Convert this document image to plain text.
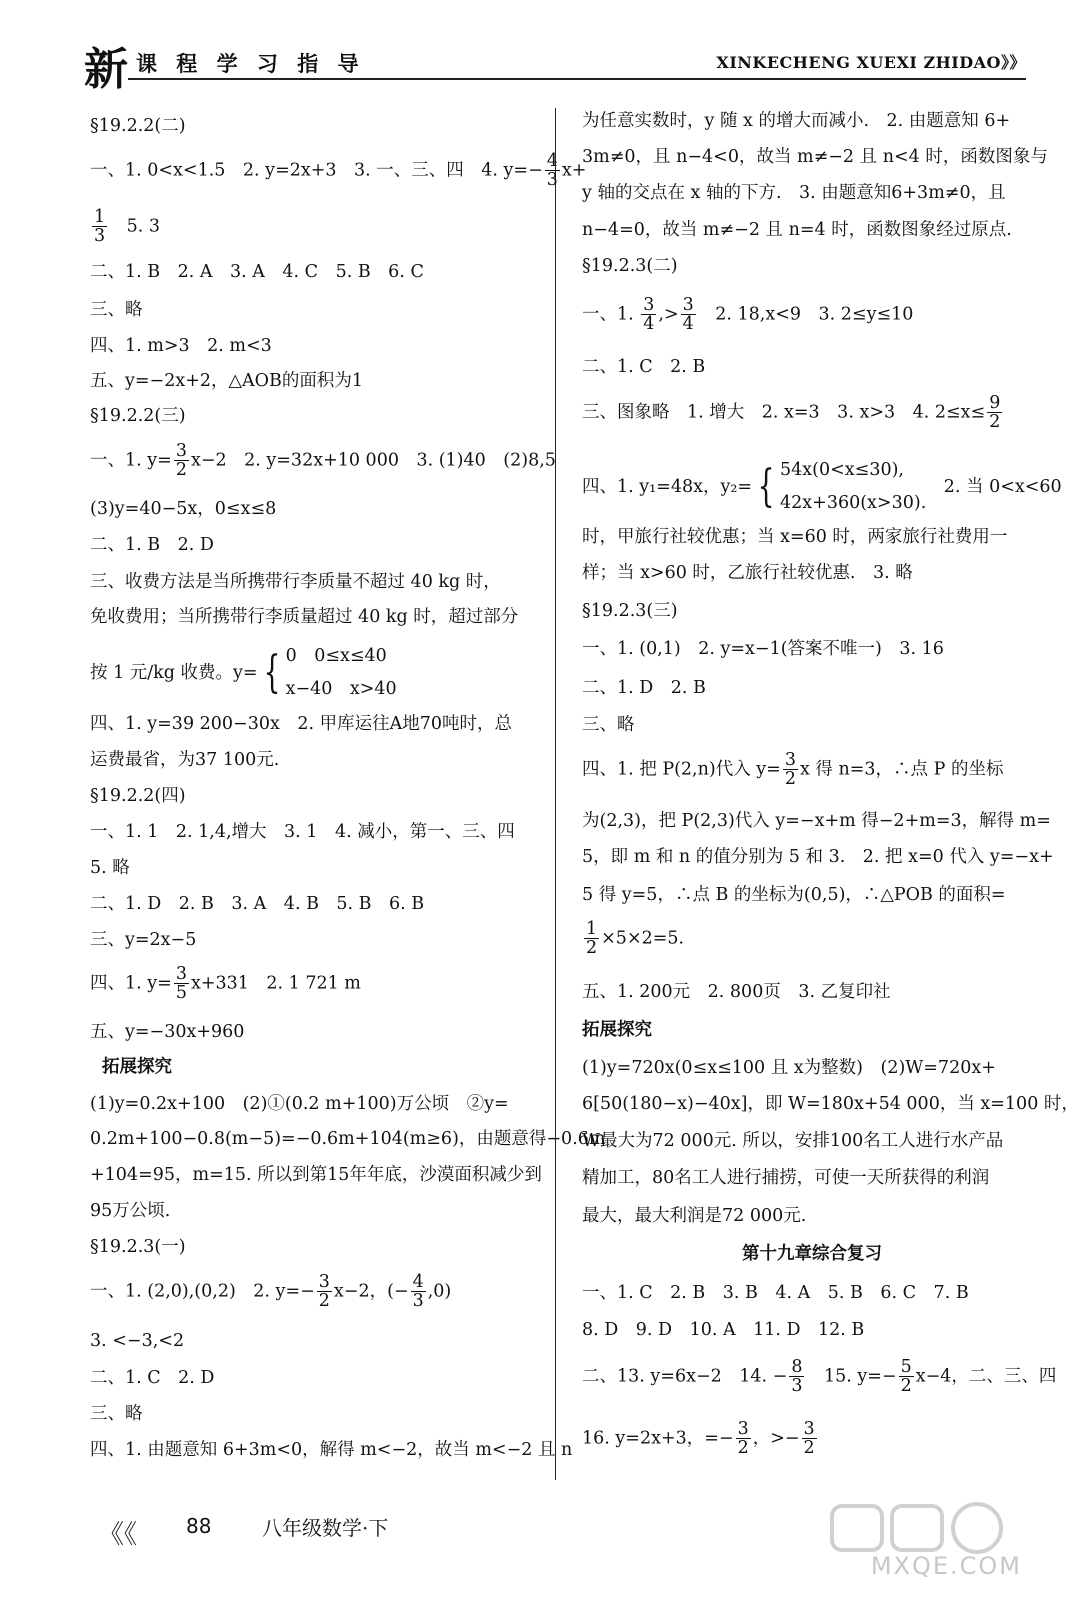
新 课 程 学 习 指 导	XINKECHENG XUEXI ZHIDAO》》
§19.2.2(二)
一、1. 0<x<1.5　2. y=2x+3　3. 一、三、四　4. $y=- \frac{4}{3} x+$
$\frac{1}{3}$ 　5. 3
二、1. B　2. A　3. A　4. C　5. B　6. C
三、略
四、1. m>3　2. m<3
五、y=−2x+2，△AOB的面积为1
§19.2.2(三)
一、1. $y= \frac{3}{2} x-2$　2. y=32x+10 000　3. (1)40　(2)8,5
(3)y=40−5x，0≤x≤8
二、1. B　2. D
三、收费方法是当所携带行李质量不超过 40 kg 时，
免收费用；当所携带行李质量超过 40 kg 时，超过部分
按 1 元/kg 收费。y= { 0　0≤x≤40
x−40　x>40
四、1. y=39 200−30x　2. 甲库运往A地70吨时，总
运费最省，为37 100元.
§19.2.2(四)
一、1. 1　2. 1,4,增大　3. 1　4. 减小，第一、三、四
5. 略
二、1. D　2. B　3. A　4. B　5. B　6. B
三、y=2x−5
四、1. $y= \frac{3}{5} x+331$　2. 1 721 m
五、y=−30x+960
拓展探究
(1)y=0.2x+100　(2)①(0.2 m+100)万公顷　②y=
0.2m+100−0.8(m−5)=−0.6m+104(m≥6)，由题意得−0.6m
+104=95，m=15. 所以到第15年年底，沙漠面积减少到
95万公顷.
§19.2.3(一)
一、1. (2,0),(0,2)　2. $y=- \frac{3}{2} x-2$，(− $\frac{4}{3} ,0$)
3. <−3,<2
二、1. C　2. D
三、略
四、1. 由题意知 6+3m<0，解得 m<−2，故当 m<−2 且 n
为任意实数时，y 随 x 的增大而减小.　2. 由题意知 6+
3m≠0，且 n−4<0，故当 m≠−2 且 n<4 时，函数图象与
y 轴的交点在 x 轴的下方.　3. 由题意知6+3m≠0，且
n−4=0，故当 m≠−2 且 n=4 时，函数图象经过原点.
§19.2.3(二)
一、1. $\frac{3}{4}$ ,> $\frac{3}{4}$ 　2. 18,x<9　3. 2≤y≤10
二、1. C　2. B
三、图象略　1. 增大　2. x=3　3. x>3　4. $2\le x\le \frac{9}{2}$
四、1. y₁=48x，y₂= { 54x(0<x≤30),
42x+360(x>30).
　2. 当 0<x<60
时，甲旅行社较优惠；当 x=60 时，两家旅行社费用一
样；当 x>60 时，乙旅行社较优惠.　3. 略
§19.2.3(三)
一、1. (0,1)　2. y=x−1(答案不唯一)　3. 16
二、1. D　2. B
三、略
四、1. 把 P(2,n)代入 $y= \frac{3}{2}$ x 得 n=3，∴点 P 的坐标
为(2,3)，把 P(2,3)代入 y=−x+m 得−2+m=3，解得 m=
5，即 m 和 n 的值分别为 5 和 3.　2. 把 x=0 代入 y=−x+
5 得 y=5，∴点 B 的坐标为(0,5)，∴△POB 的面积=
$\frac{1}{2} \times 5\times 2=5$.
五、1. 200元　2. 800页　3. 乙复印社
拓展探究
(1)y=720x(0≤x≤100 且 x为整数)　(2)W=720x+
6[50(180−x)−40x]，即 W=180x+54 000，当 x=100 时，
W最大为72 000元. 所以，安排100名工人进行水产品
精加工，80名工人进行捕捞，可使一天所获得的利润
最大，最大利润是72 000元.
第十九章综合复习
一、1. C　2. B　3. B　4. A　5. B　6. C　7. B
8. D　9. D　10. A　11. D　12. B
二、13. y=6x−2　14. − $\frac{8}{3}$ 　15. $y=- \frac{5}{2} x-4$，二、三、四
16. y=2x+3，=− $\frac{3}{2}$ ，>− $\frac{3}{2}$
《《 88	八年级数学·下
MXQE.COM
